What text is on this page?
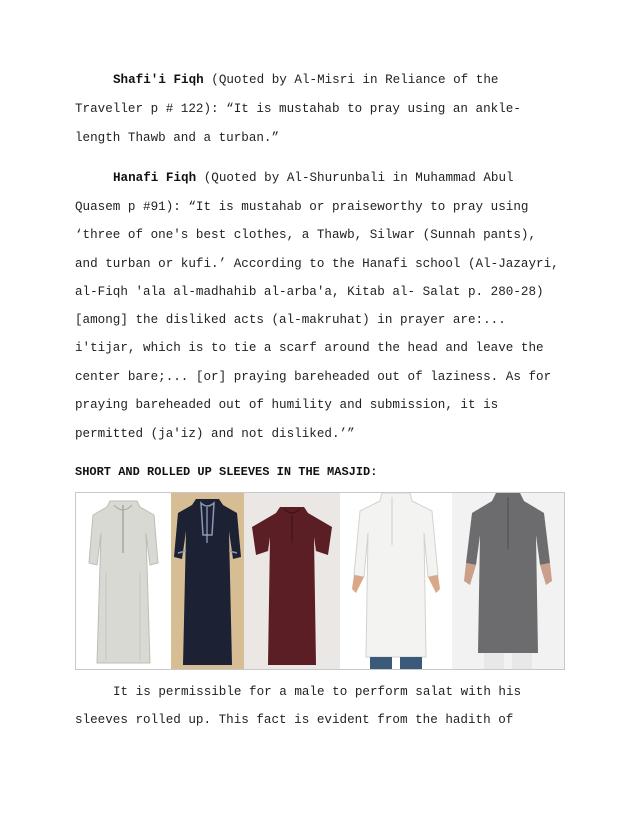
Shafi'i Fiqh (Quoted by Al-Misri in Reliance of the
Traveller p # 122): “It is mustahab to pray using an ankle-
length Thawb and a turban.”
Hanafi Fiqh (Quoted by Al-Shurunbali in Muhammad Abul
Quasem p #91): “It is mustahab or praiseworthy to pray using
‘three of one's best clothes, a Thawb, Silwar (Sunnah pants),
and turban or kufi.’ According to the Hanafi school (Al-Jazayri,
al-Fiqh 'ala al-madhahib al-arba'a, Kitab al- Salat p. 280-28)
[among] the disliked acts (al-makruhat) in prayer are:...
i'tijar, which is to tie a scarf around the head and leave the
center bare;... [or] praying bareheaded out of laziness. As for
praying bareheaded out of humility and submission, it is
permitted (ja'iz) and not disliked.’”
SHORT AND ROLLED UP SLEEVES IN THE MASJID:
It is permissible for a male to perform salat with his
sleeves rolled up. This fact is evident from the hadith of
